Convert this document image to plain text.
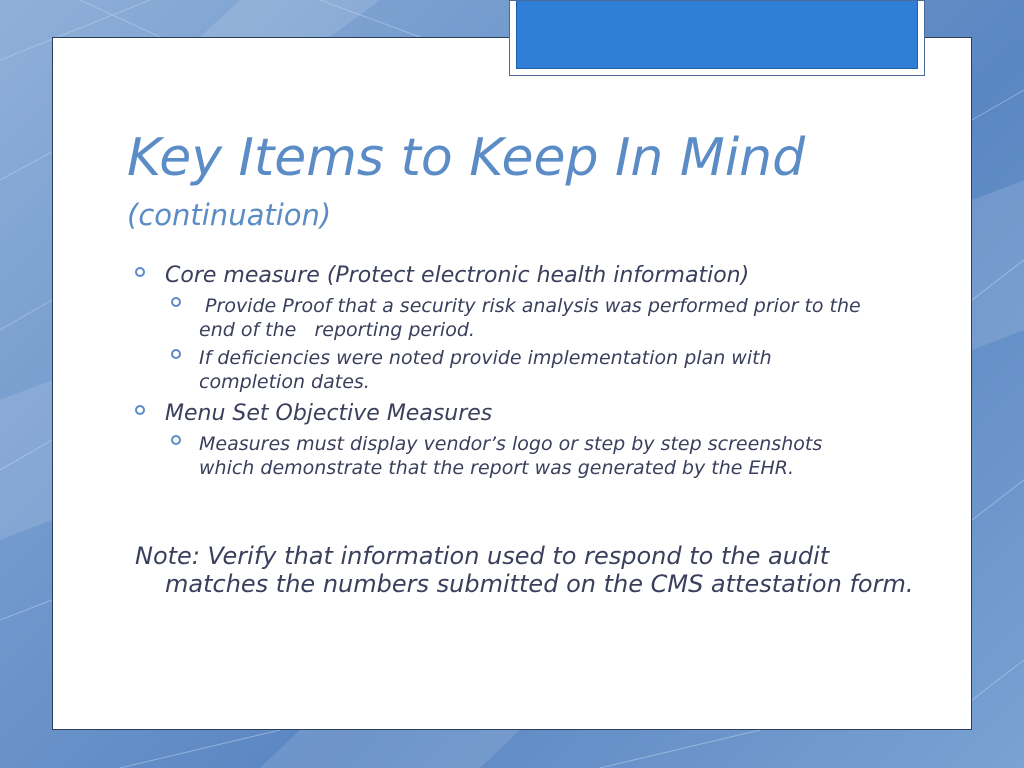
Key Items to Keep In Mind
(continuation)
Core measure (Protect electronic health information)
Provide Proof that a security risk analysis was performed prior to the end of the   reporting period.
If deficiencies were noted provide implementation plan with completion dates.
Menu Set Objective Measures
Measures must display vendor’s logo or step by step screenshots which demonstrate that the report was generated by the EHR.

Note: Verify that information used to respond to the audit matches the numbers submitted on the CMS attestation form.
